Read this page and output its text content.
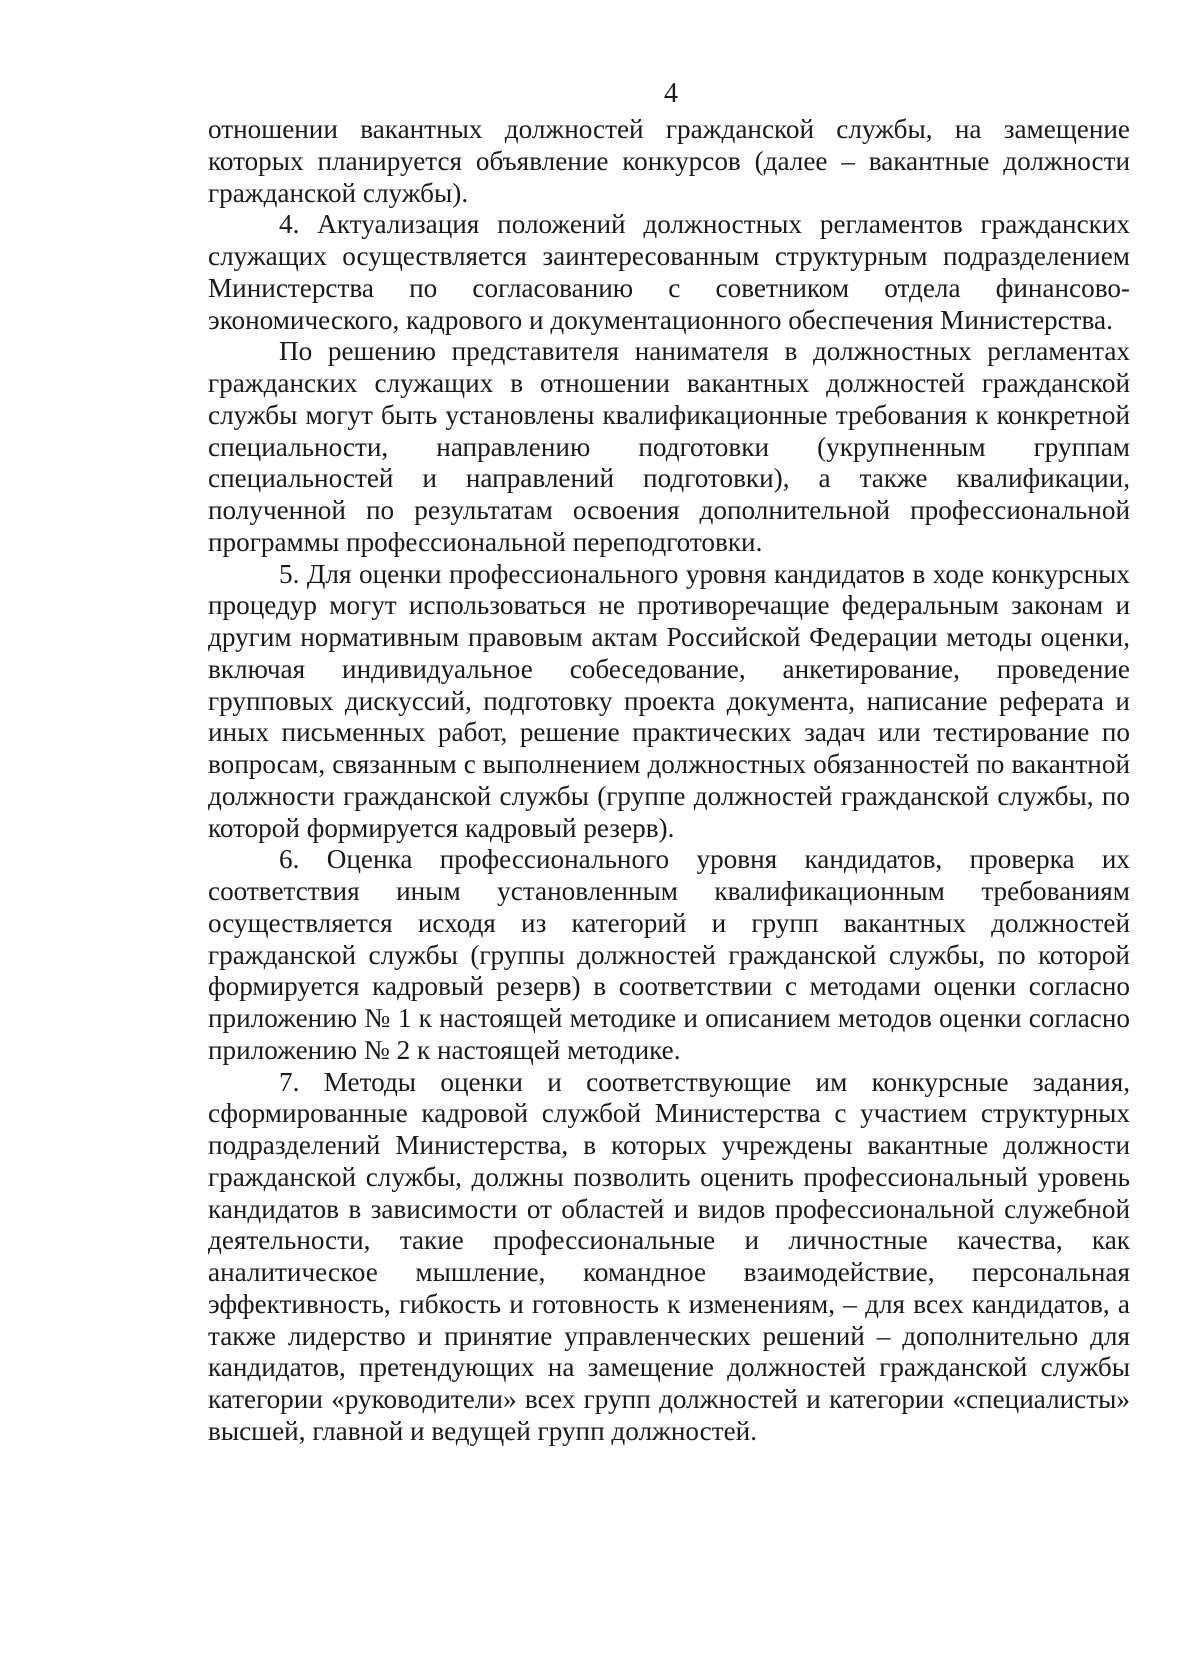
4

отношении вакантных должностей гражданской службы, на замещение которых планируется объявление конкурсов (далее – вакантные должности гражданской службы).

4. Актуализация положений должностных регламентов гражданских служащих осуществляется заинтересованным структурным подразделением Министерства по согласованию с советником отдела финансово-экономического, кадрового и документационного обеспечения Министерства.

По решению представителя нанимателя в должностных регламентах гражданских служащих в отношении вакантных должностей гражданской службы могут быть установлены квалификационные требования к конкретной специальности, направлению подготовки (укрупненным группам специальностей и направлений подготовки), а также квалификации, полученной по результатам освоения дополнительной профессиональной программы профессиональной переподготовки.

5. Для оценки профессионального уровня кандидатов в ходе конкурсных процедур могут использоваться не противоречащие федеральным законам и другим нормативным правовым актам Российской Федерации методы оценки, включая индивидуальное собеседование, анкетирование, проведение групповых дискуссий, подготовку проекта документа, написание реферата и иных письменных работ, решение практических задач или тестирование по вопросам, связанным с выполнением должностных обязанностей по вакантной должности гражданской службы (группе должностей гражданской службы, по которой формируется кадровый резерв).

6. Оценка профессионального уровня кандидатов, проверка их соответствия иным установленным квалификационным требованиям осуществляется исходя из категорий и групп вакантных должностей гражданской службы (группы должностей гражданской службы, по которой формируется кадровый резерв) в соответствии с методами оценки согласно приложению № 1 к настоящей методике и описанием методов оценки согласно приложению № 2 к настоящей методике.

7. Методы оценки и соответствующие им конкурсные задания, сформированные кадровой службой Министерства с участием структурных подразделений Министерства, в которых учреждены вакантные должности гражданской службы, должны позволить оценить профессиональный уровень кандидатов в зависимости от областей и видов профессиональной служебной деятельности, такие профессиональные и личностные качества, как аналитическое мышление, командное взаимодействие, персональная эффективность, гибкость и готовность к изменениям, – для всех кандидатов, а также лидерство и принятие управленческих решений – дополнительно для кандидатов, претендующих на замещение должностей гражданской службы категории «руководители» всех групп должностей и категории «специалисты» высшей, главной и ведущей групп должностей.
